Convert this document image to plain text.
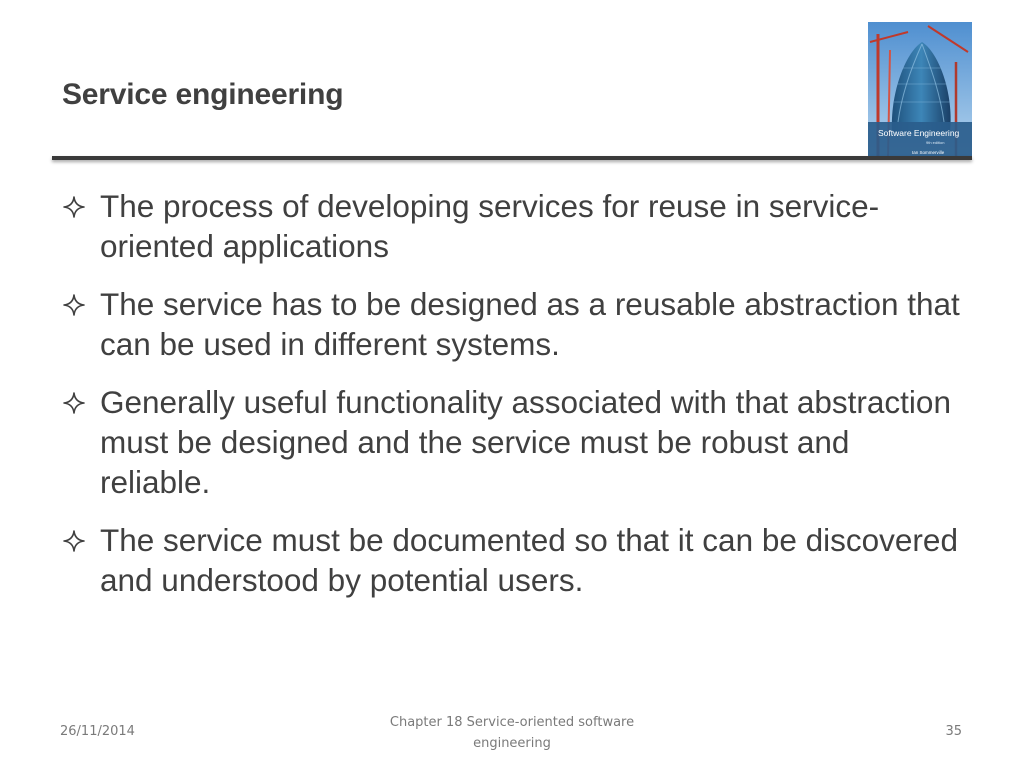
Service engineering
Software Engineering
9th edition
Ian Sommerville
The process of developing services for reuse in service-oriented applications
The service has to be designed as a reusable abstraction that can be used in different systems.
Generally useful functionality associated with that abstraction must be designed and the service must be robust and reliable.
The service must be documented so that it can be discovered and understood by potential users.
26/11/2014
Chapter 18 Service-oriented software engineering
35
